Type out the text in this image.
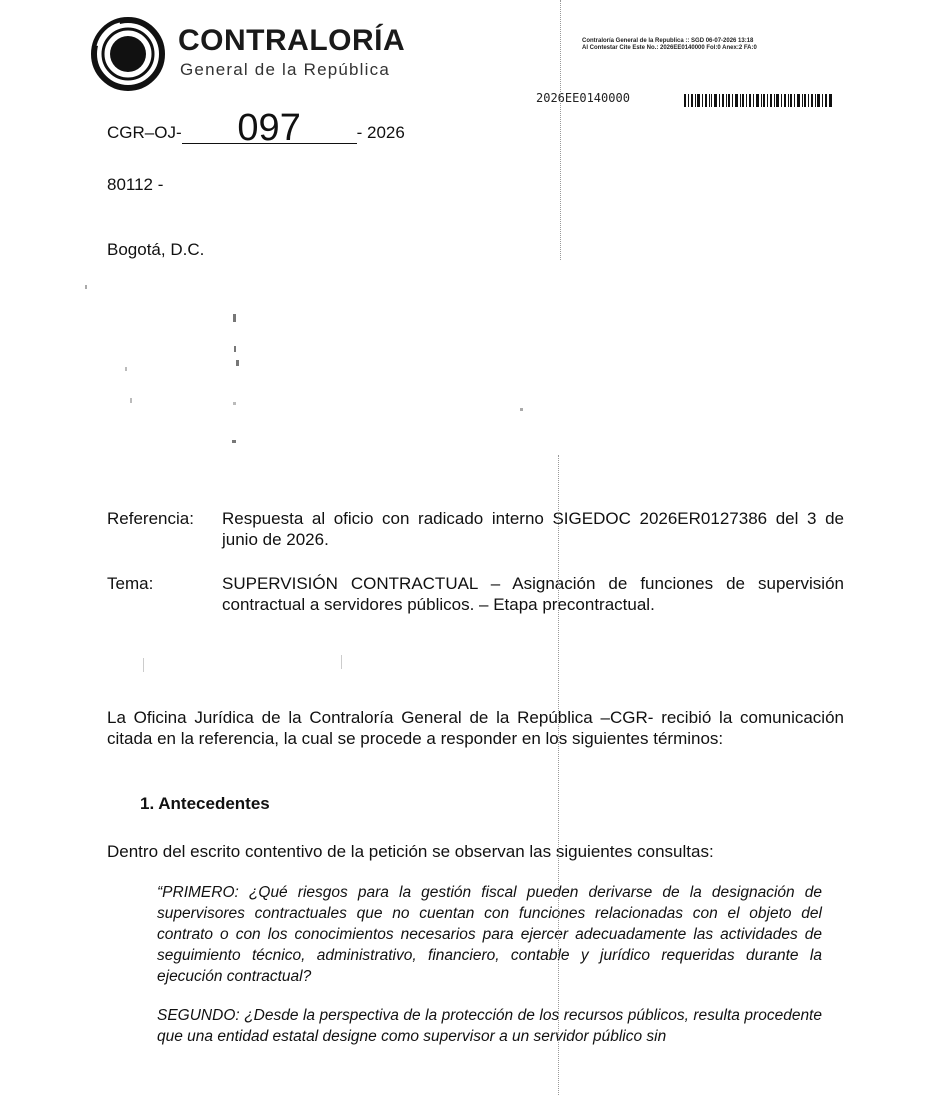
CONTRALORÍA
General de la República
Contraloría General de la Republica :: SGD 06-07-2026 13:18
Al Contestar Cite Este No.: 2026EE0140000 Fol:0 Anex:2 FA:0
2026EE0140000
CGR–OJ- 097	- 2026
80112 -
Bogotá, D.C.
Referencia: Respuesta al oficio con radicado interno SIGEDOC 2026ER0127386 del 3 de junio de 2026.
Tema:	SUPERVISIÓN CONTRACTUAL – Asignación de funciones de supervisión contractual a servidores públicos. – Etapa precontractual.
La Oficina Jurídica de la Contraloría General de la República –CGR- recibió la comunicación citada en la referencia, la cual se procede a responder en los siguientes términos:
1. Antecedentes
Dentro del escrito contentivo de la petición se observan las siguientes consultas:
“PRIMERO: ¿Qué riesgos para la gestión fiscal pueden derivarse de la designación de supervisores contractuales que no cuentan con funciones relacionadas con el objeto del contrato o con los conocimientos necesarios para ejercer adecuadamente las actividades de seguimiento técnico, administrativo, financiero, contable y jurídico requeridas durante la ejecución contractual?
SEGUNDO: ¿Desde la perspectiva de la protección de los recursos públicos, resulta procedente que una entidad estatal designe como supervisor a un servidor público sin
